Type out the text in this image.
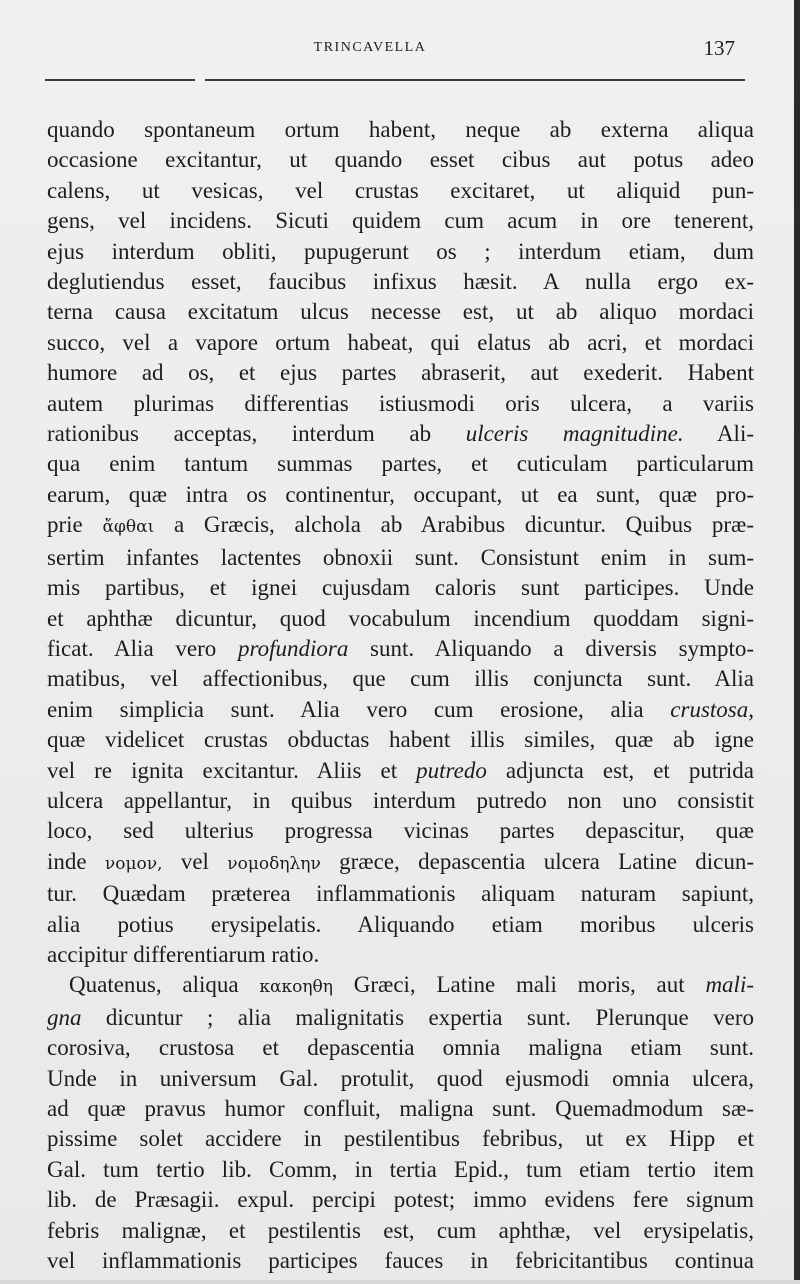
TRINCAVELLA	137
quando spontaneum ortum habent, neque ab externa aliqua
occasione excitantur, ut quando esset cibus aut potus adeo
calens, ut vesicas, vel crustas excitaret, ut aliquid pun-
gens, vel incidens. Sicuti quidem cum acum in ore tenerent,
ejus interdum obliti, pupugerunt os ; interdum etiam, dum
deglutiendus esset, faucibus infixus hæsit. A nulla ergo ex-
terna causa excitatum ulcus necesse est, ut ab aliquo mordaci
succo, vel a vapore ortum habeat, qui elatus ab acri, et mordaci
humore ad os, et ejus partes abraserit, aut exederit. Habent
autem plurimas differentias istiusmodi oris ulcera, a variis
rationibus acceptas, interdum ab ulceris magnitudine. Ali-
qua enim tantum summas partes, et cuticulam particularum
earum, quæ intra os continentur, occupant, ut ea sunt, quæ pro-
prie ἄφθαι a Græcis, alchola ab Arabibus dicuntur. Quibus præ-
sertim infantes lactentes obnoxii sunt. Consistunt enim in sum-
mis partibus, et ignei cujusdam caloris sunt participes. Unde
et aphthæ dicuntur, quod vocabulum incendium quoddam signi-
ficat. Alia vero profundiora sunt. Aliquando a diversis sympto-
matibus, vel affectionibus, que cum illis conjuncta sunt. Alia
enim simplicia sunt. Alia vero cum erosione, alia crustosa,
quæ videlicet crustas obductas habent illis similes, quæ ab igne
vel re ignita excitantur. Aliis et putredo adjuncta est, et putrida
ulcera appellantur, in quibus interdum putredo non uno consistit
loco, sed ulterius progressa vicinas partes depascitur, quæ
inde νομον, vel νομοδηλην græce, depascentia ulcera Latine dicun-
tur. Quædam præterea inflammationis aliquam naturam sapiunt,
alia potius erysipelatis. Aliquando etiam moribus ulceris
accipitur differentiarum ratio.
Quatenus, aliqua κακοηθη Græci, Latine mali moris, aut mali-
gna dicuntur ; alia malignitatis expertia sunt. Plerunque vero
corosiva, crustosa et depascentia omnia maligna etiam sunt.
Unde in universum Gal. protulit, quod ejusmodi omnia ulcera,
ad quæ pravus humor confluit, maligna sunt. Quemadmodum sæ-
pissime solet accidere in pestilentibus febribus, ut ex Hipp et
Gal. tum tertio lib. Comm, in tertia Epid., tum etiam tertio item
lib. de Præsagii. expul. percipi potest; immo evidens fere signum
febris malignæ, et pestilentis est, cum aphthæ, vel erysipelatis,
vel inflammationis participes fauces in febricitantibus continua
